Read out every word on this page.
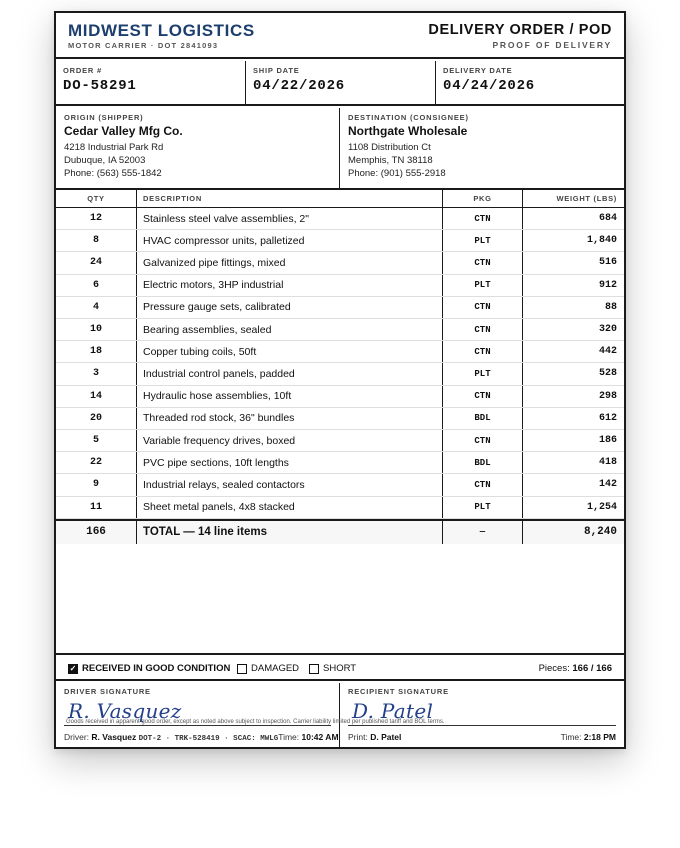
MIDWEST LOGISTICS
MOTOR CARRIER · DOT 2841093
DELIVERY ORDER / POD
PROOF OF DELIVERY
ORDER #
DO-58291
SHIP DATE
04/22/2026
DELIVERY DATE
04/24/2026
ORIGIN (SHIPPER)
Cedar Valley Mfg Co.
4218 Industrial Park Rd
Dubuque, IA 52003
Phone: (563) 555-1842
DESTINATION (CONSIGNEE)
Northgate Wholesale
1108 Distribution Ct
Memphis, TN 38118
Phone: (901) 555-2918
QTY	DESCRIPTION	PKG	WEIGHT (LBS)
12	Stainless steel valve assemblies, 2"	CTN	684
8	HVAC compressor units, palletized	PLT	1,840
24	Galvanized pipe fittings, mixed	CTN	516
6	Electric motors, 3HP industrial	PLT	912
4	Pressure gauge sets, calibrated	CTN	88
10	Bearing assemblies, sealed	CTN	320
18	Copper tubing coils, 50ft	CTN	442
3	Industrial control panels, padded	PLT	528
14	Hydraulic hose assemblies, 10ft	CTN	298
20	Threaded rod stock, 36" bundles	BDL	612
5	Variable frequency drives, boxed	CTN	186
22	PVC pipe sections, 10ft lengths	BDL	418
9	Industrial relays, sealed contactors	CTN	142
11	Sheet metal panels, 4x8 stacked	PLT	1,254
166	TOTAL — 14 line items	—	8,240
✓
RECEIVED IN GOOD CONDITION DAMAGED	SHORT	Pieces: 166 / 166
DRIVER SIGNATURE
R. Vasquez
Goods received in apparent good order, except as noted above subject to inspection. Carrier liability limited per published tariff and BOL terms.
Driver: R. Vasquez DOT-2 · TRK-528419 · SCAC: MWLG Time: 10:42 AM
RECIPIENT SIGNATURE
D. Patel
Print: D. Patel	Time: 2:18 PM
